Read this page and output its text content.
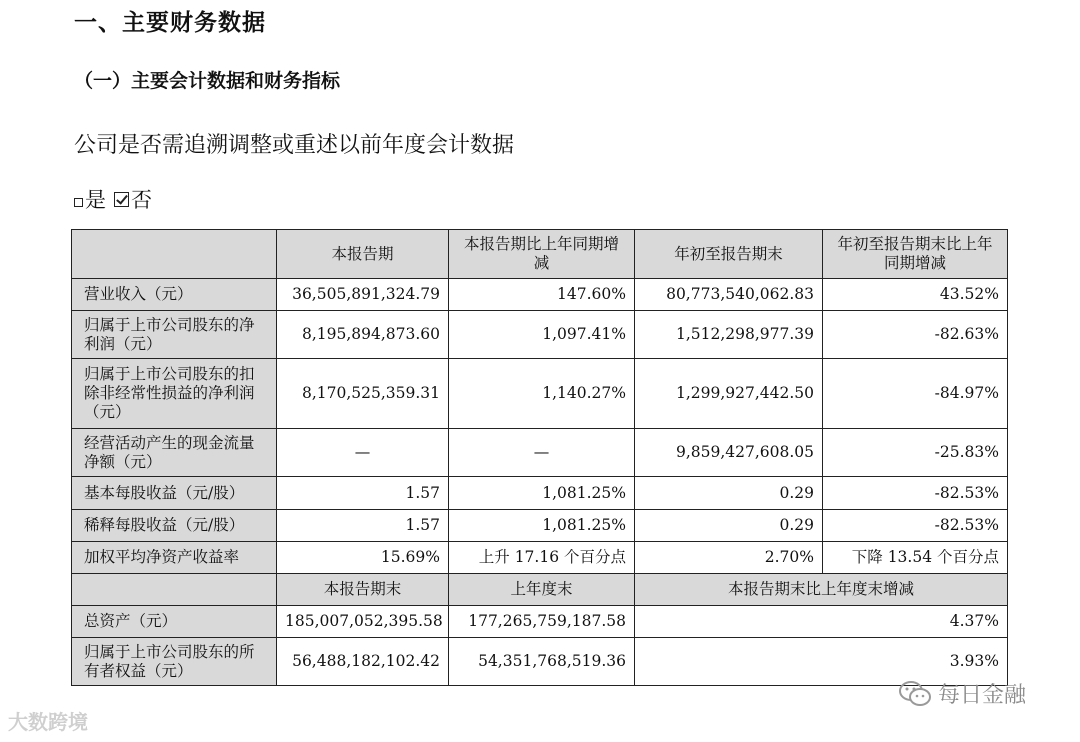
一、主要财务数据
（一）主要会计数据和财务指标
公司是否需追溯调整或重述以前年度会计数据
是 否
	本报告期	本报告期比上年同期增减	年初至报告期末	年初至报告期末比上年同期增减
营业收入（元）	36,505,891,324.79	147.60%	80,773,540,062.83	43.52%
归属于上市公司股东的净利润（元）	8,195,894,873.60	1,097.41%	1,512,298,977.39	-82.63%
归属于上市公司股东的扣除非经常性损益的净利润（元）	8,170,525,359.31	1,140.27%	1,299,927,442.50	-84.97%
经营活动产生的现金流量净额（元）	—	—	9,859,427,608.05	-25.83%
基本每股收益（元/股）	1.57	1,081.25%	0.29	-82.53%
稀释每股收益（元/股）	1.57	1,081.25%	0.29	-82.53%
加权平均净资产收益率	15.69%	上升 17.16 个百分点	2.70%	下降 13.54 个百分点
	本报告期末	上年度末	本报告期末比上年度末增减	
总资产（元）	185,007,052,395.58	177,265,759,187.58	4.37%	
归属于上市公司股东的所有者权益（元）	56,488,182,102.42	54,351,768,519.36	3.93%	
大数跨境
每日金融
